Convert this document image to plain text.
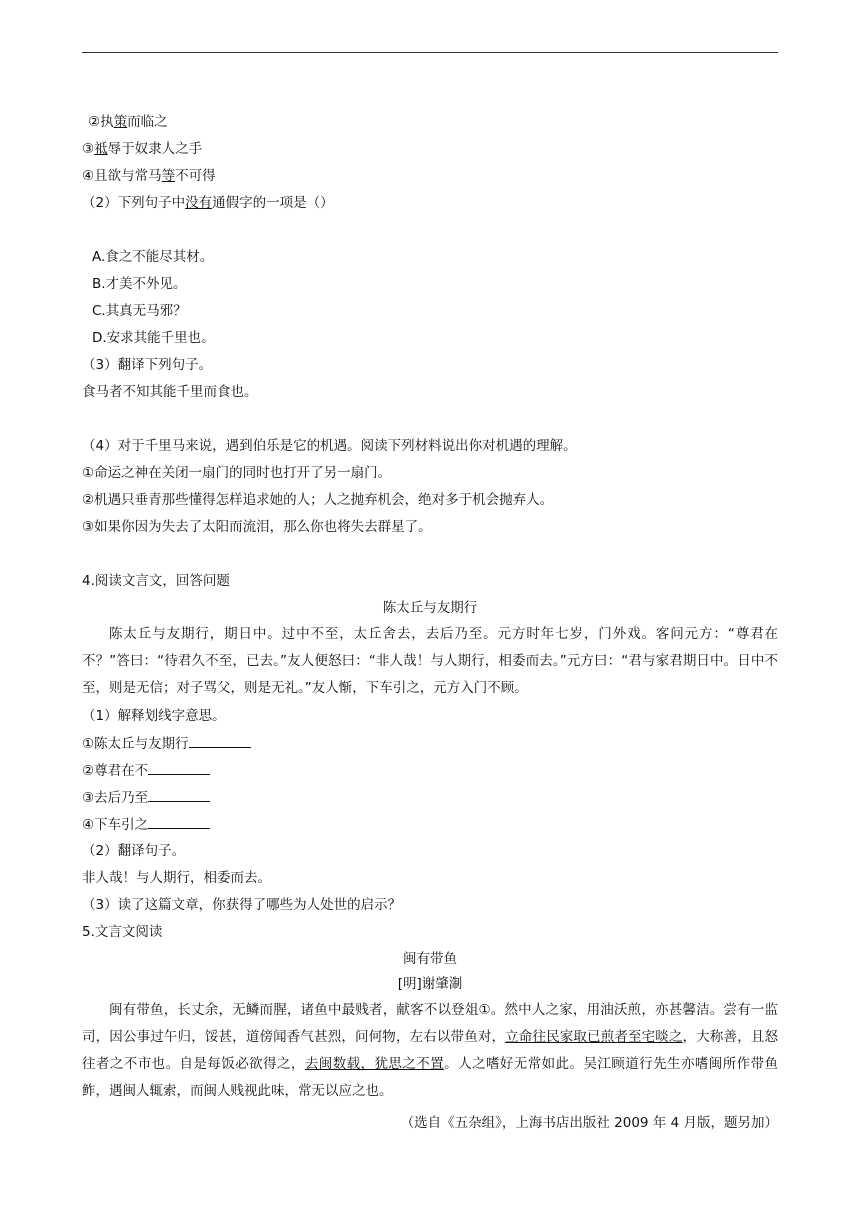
②执策而临之
③祗辱于奴隶人之手
④且欲与常马等不可得
（2）下列句子中没有通假字的一项是（）
A.食之不能尽其材。
B.才美不外见。
C.其真无马邪？
D.安求其能千里也。
（3）翻译下列句子。
食马者不知其能千里而食也。
（4）对于千里马来说，遇到伯乐是它的机遇。阅读下列材料说出你对机遇的理解。
①命运之神在关闭一扇门的同时也打开了另一扇门。
②机遇只垂青那些懂得怎样追求她的人；人之抛弃机会，绝对多于机会抛弃人。
③如果你因为失去了太阳而流泪，那么你也将失去群星了。
4.阅读文言文，回答问题
陈太丘与友期行
陈太丘与友期行，期日中。过中不至，太丘舍去，去后乃至。元方时年七岁，门外戏。客问元方：“尊君在不？”答曰：“待君久不至，已去。”友人便怒曰：“非人哉！与人期行，相委而去。”元方曰：“君与家君期日中。日中不至，则是无信；对子骂父，则是无礼。”友人惭，下车引之，元方入门不顾。
（1）解释划线字意思。
①陈太丘与友期行
②尊君在不
③去后乃至
④下车引之
（2）翻译句子。
非人哉！与人期行，相委而去。
（3）读了这篇文章，你获得了哪些为人处世的启示？
5.文言文阅读
闽有带鱼
[明]谢肇淛
闽有带鱼，长丈余，无鳞而腥，诸鱼中最贱者，献客不以登俎①。然中人之家，用油沃煎，亦甚馨洁。尝有一监司，因公事过午归，馁甚，道傍闻香气甚烈，问何物，左右以带鱼对，立命往民家取已煎者至宅啖之，大称善，且怒往者之不市也。自是每饭必欲得之，去闽数载，犹思之不置。人之嗜好无常如此。吴江顾道行先生亦嗜闽所作带鱼鲊，遇闽人辄索，而闽人贱视此味，常无以应之也。
（选自《五杂组》，上海书店出版社 2009 年 4 月版，题另加）
